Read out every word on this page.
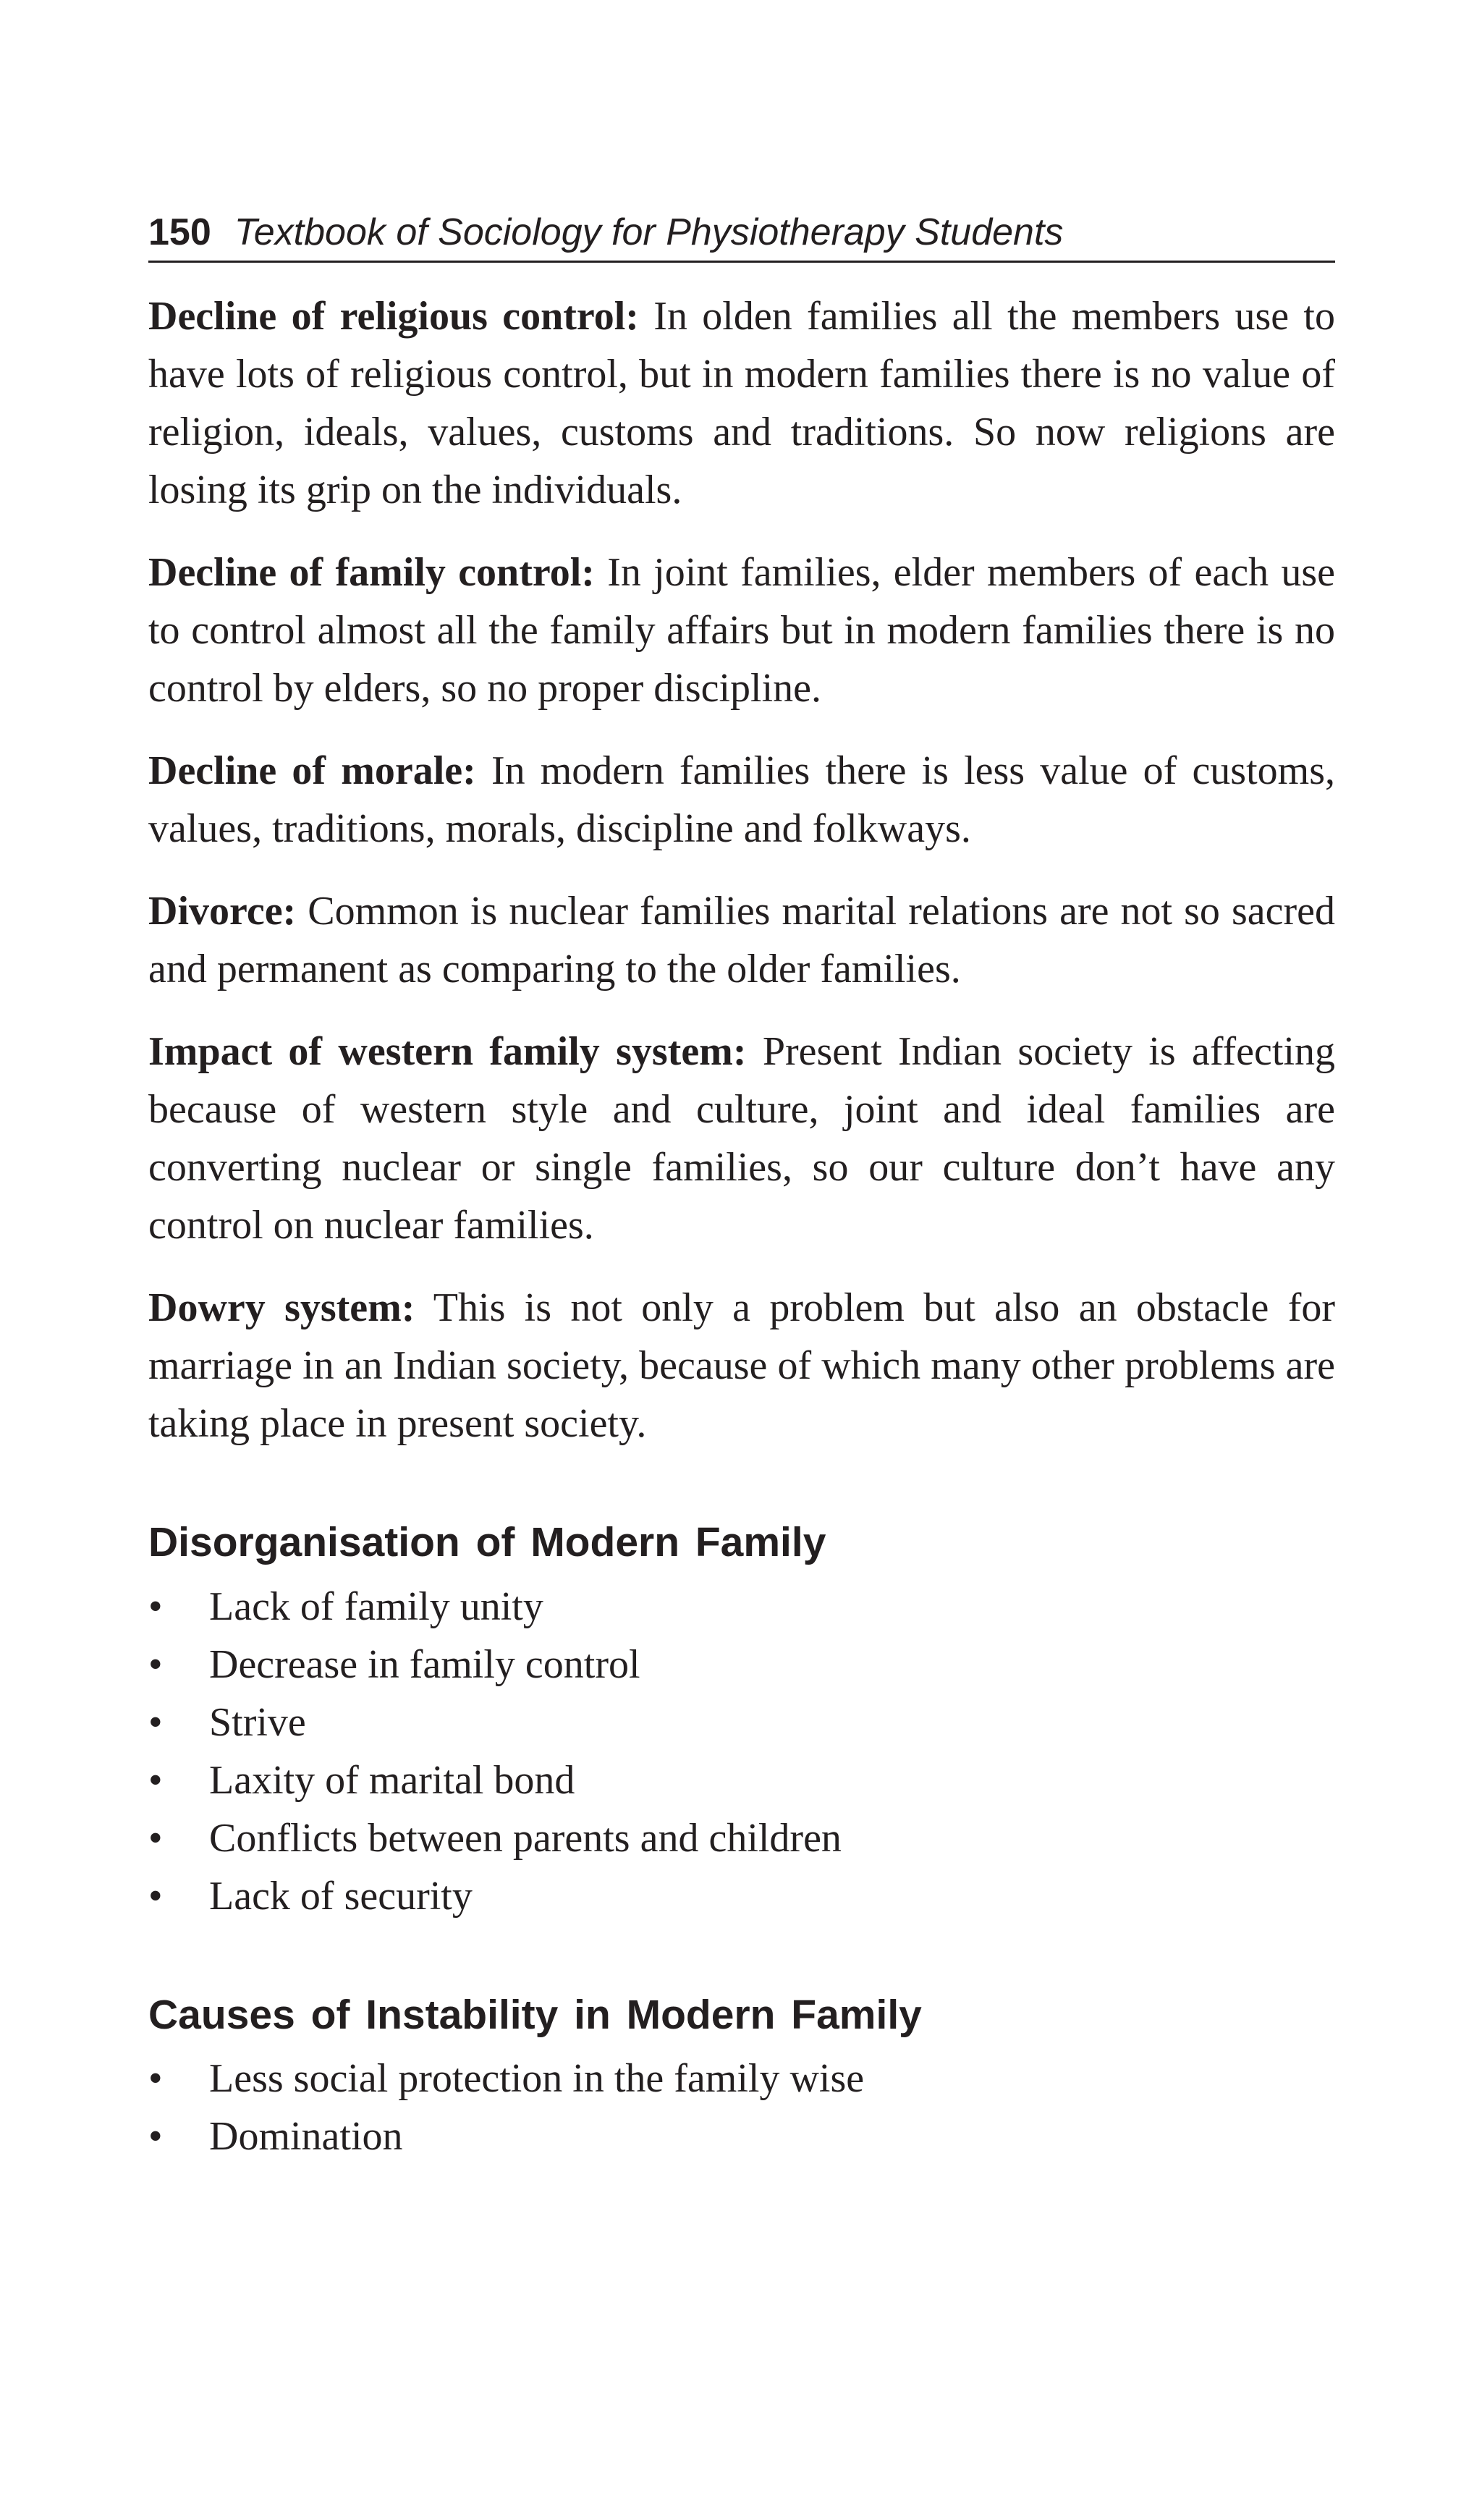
150 Textbook of Sociology for Physiotherapy Students

Decline of religious control: In olden families all the members use to have lots of religious control, but in modern families there is no value of religion, ideals, values, customs and traditions. So now religions are losing its grip on the individuals.

Decline of family control: In joint families, elder members of each use to control almost all the family affairs but in modern families there is no control by elders, so no proper discipline.

Decline of morale: In modern families there is less value of customs, values, traditions, morals, discipline and folkways.

Divorce: Common is nuclear families marital relations are not so sacred and permanent as comparing to the older families.

Impact of western family system: Present Indian society is affecting because of western style and culture, joint and ideal families are converting nuclear or single families, so our culture don’t have any control on nuclear families.

Dowry system: This is not only a problem but also an obstacle for marriage in an Indian society, because of which many other problems are taking place in present society.

Disorganisation of Modern Family
•	Lack of family unity
•	Decrease in family control
•	Strive
•	Laxity of marital bond
•	Conflicts between parents and children
•	Lack of security
Causes of Instability in Modern Family
•	Less social protection in the family wise
•	Domination
